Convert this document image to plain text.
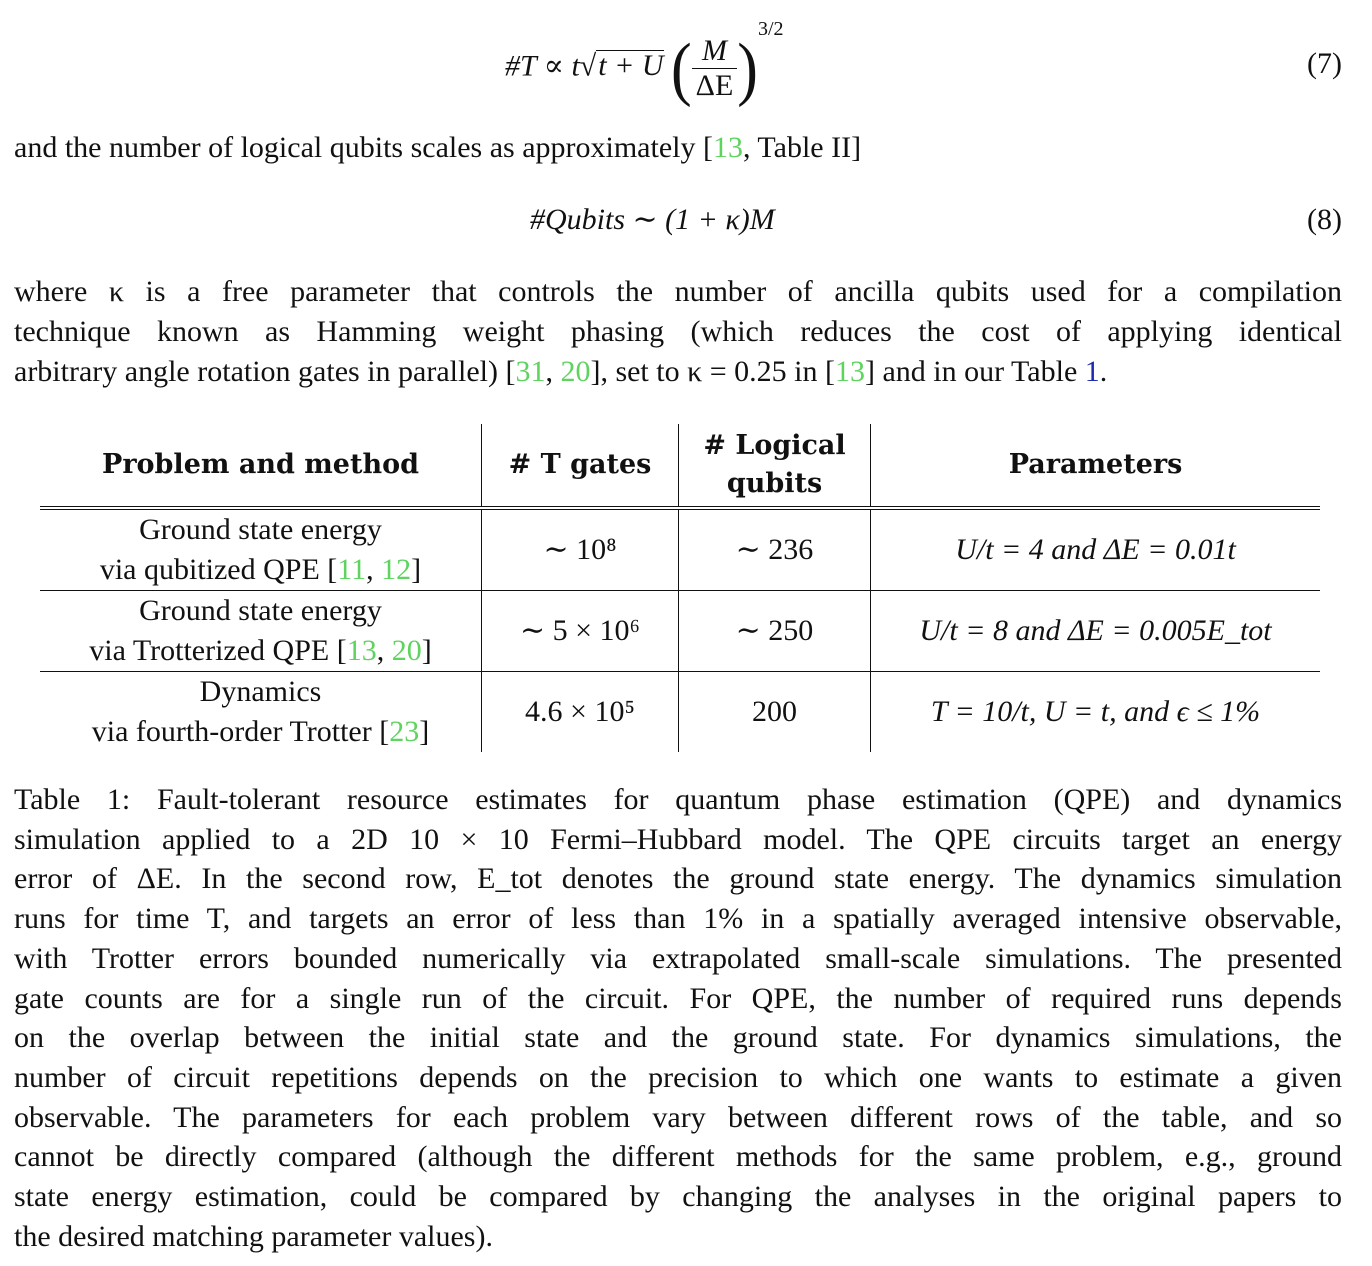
#T ∝ t√t + U ( $\frac{M}{\Delta E} )^{3/2}$
(7)
and the number of logical qubits scales as approximately [13, Table II]
#Qubits ∼ (1 + κ)M	(8)
where κ is a free parameter that controls the number of ancilla qubits used for a compilation
technique known as Hamming weight phasing (which reduces the cost of applying identical
arbitrary angle rotation gates in parallel) [31, 20], set to κ = 0.25 in [13] and in our Table 1.
Problem and method	# T gates	# Logical qubits	Parameters

Ground state energy
via qubitized QPE [11, 12]	∼ 10⁸	∼ 236	U/t = 4 and ΔE = 0.01t

Ground state energy
via Trotterized QPE [13, 20]	∼ 5 × 10⁶	∼ 250	U/t = 8 and ΔE = 0.005E_tot

Dynamics
via fourth-order Trotter [23]	4.6 × 10⁵	200	T = 10/t, U = t, and ϵ ≤ 1%
Table 1: Fault-tolerant resource estimates for quantum phase estimation (QPE) and dynamics
simulation applied to a 2D 10 × 10 Fermi–Hubbard model. The QPE circuits target an energy
error of ΔE. In the second row, E_tot denotes the ground state energy. The dynamics simulation
runs for time T, and targets an error of less than 1% in a spatially averaged intensive observable,
with Trotter errors bounded numerically via extrapolated small-scale simulations. The presented
gate counts are for a single run of the circuit. For QPE, the number of required runs depends
on the overlap between the initial state and the ground state. For dynamics simulations, the
number of circuit repetitions depends on the precision to which one wants to estimate a given
observable. The parameters for each problem vary between different rows of the table, and so
cannot be directly compared (although the different methods for the same problem, e.g., ground
state energy estimation, could be compared by changing the analyses in the original papers to
the desired matching parameter values).
